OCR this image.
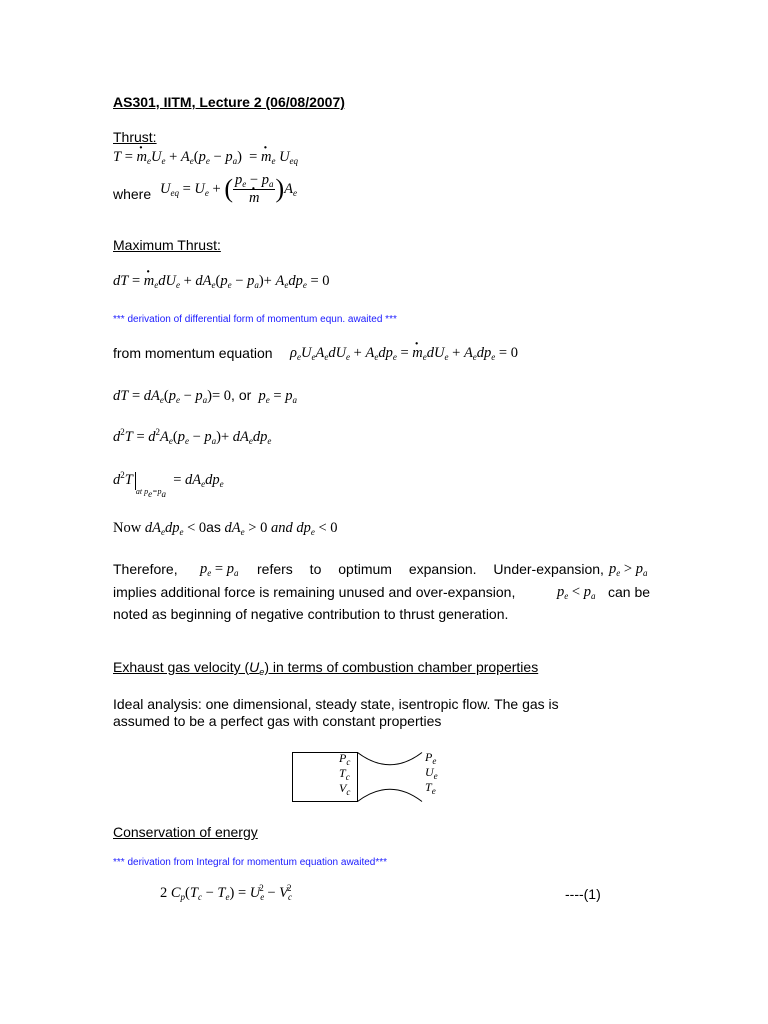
AS301, IITM, Lecture 2 (06/08/2007)
Thrust:
T = · $m_eU_e + A_e(p_e - p_a)$  = · $m_e$ $U_{eq}$
where $U_{eq} = U_e$ + ( $p_e - p_a$
· m )$A_e$
Maximum Thrust:
dT = · $m_edU_e + dA_e(p_e - p_a)+ A_edp_e = 0$
*** derivation of differential form of momentum equn. awaited ***
from momentum equation $\rho_eU_eA_edU_e + A_edp_e$ = · $m_edU_e + A_edp_e = 0$
dT = $dA_e(p_e - p_a)= 0$, or $p_e = p_a$
$d^2T = d^2A_e(p_e - p_a)+ dA_edp_e$
$d^2T_{at p_e=p_a} = dA_edp_e$
Now $dA_edp_e < 0as$ $dA_e > 0$ and $dp_e < 0$
Therefore, $p_e = p_a$ refers to optimum expansion. Under-expansion, $p_e > p_a$
implies additional force is remaining unused and over-expansion,	$p_e < p_a$ can be
noted as beginning of negative contribution to thrust generation.
Exhaust gas velocity $(U_e)$ in terms of combustion chamber properties
Ideal analysis: one dimensional, steady state, isentropic flow. The gas is
assumed to be a perfect gas with constant properties
$P_c$
$T_c$
$V_c$
$P_e$
$U_e$
$T_e$
Conservation of energy
*** derivation from Integral for momentum equation awaited***
2 $C_p(T_c - T_e) = U_e^2 - V_c^2$	----(1)
